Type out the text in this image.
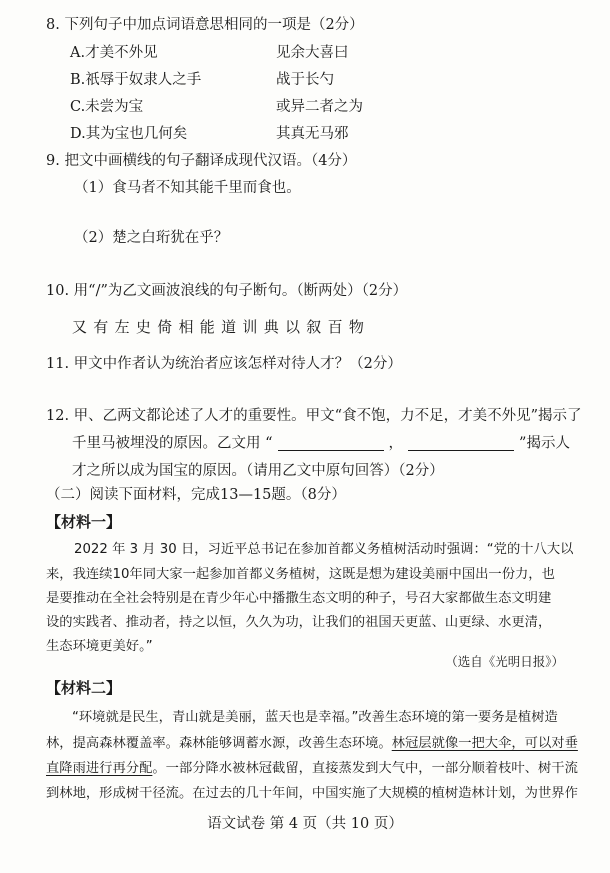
8. 下列句子中加点词语意思相同的一项是（2分）
A.才美不外见	见余大喜曰
B.祇辱于奴隶人之手	战于长勺
C.未尝为宝	或异二者之为
D.其为宝也几何矣	其真无马邪
9. 把文中画横线的句子翻译成现代汉语。（4分）
（1）食马者不知其能千里而食也。
（2）楚之白珩犹在乎？
10. 用“/”为乙文画波浪线的句子断句。（断两处）（2分）
又有左史倚相能道训典以叙百物
11. 甲文中作者认为统治者应该怎样对待人才？（2分）
12. 甲、乙两文都论述了人才的重要性。甲文“食不饱，力不足，才美不外见”揭示了
千里马被埋没的原因。乙文用 “	，	”揭示人
才之所以成为国宝的原因。（请用乙文中原句回答）（2分）
（二）阅读下面材料，完成13—15题。（8分）
【材料一】
2022 年 3 月 30 日，习近平总书记在参加首都义务植树活动时强调：“党的十八大以
来，我连续10年同大家一起参加首都义务植树，这既是想为建设美丽中国出一份力，也
是要推动在全社会特别是在青少年心中播撒生态文明的种子，号召大家都做生态文明建
设的实践者、推动者，持之以恒，久久为功，让我们的祖国天更蓝、山更绿、水更清，
生态环境更美好。”
（选自《光明日报》）
【材料二】
“环境就是民生，青山就是美丽，蓝天也是幸福。”改善生态环境的第一要务是植树造
林，提高森林覆盖率。森林能够调蓄水源，改善生态环境。林冠层就像一把大伞，可以对垂
直降雨进行再分配。一部分降水被林冠截留，直接蒸发到大气中，一部分顺着枝叶、树干流
到林地，形成树干径流。在过去的几十年间，中国实施了大规模的植树造林计划，为世界作
语文试卷 第 4 页（共 10 页）
